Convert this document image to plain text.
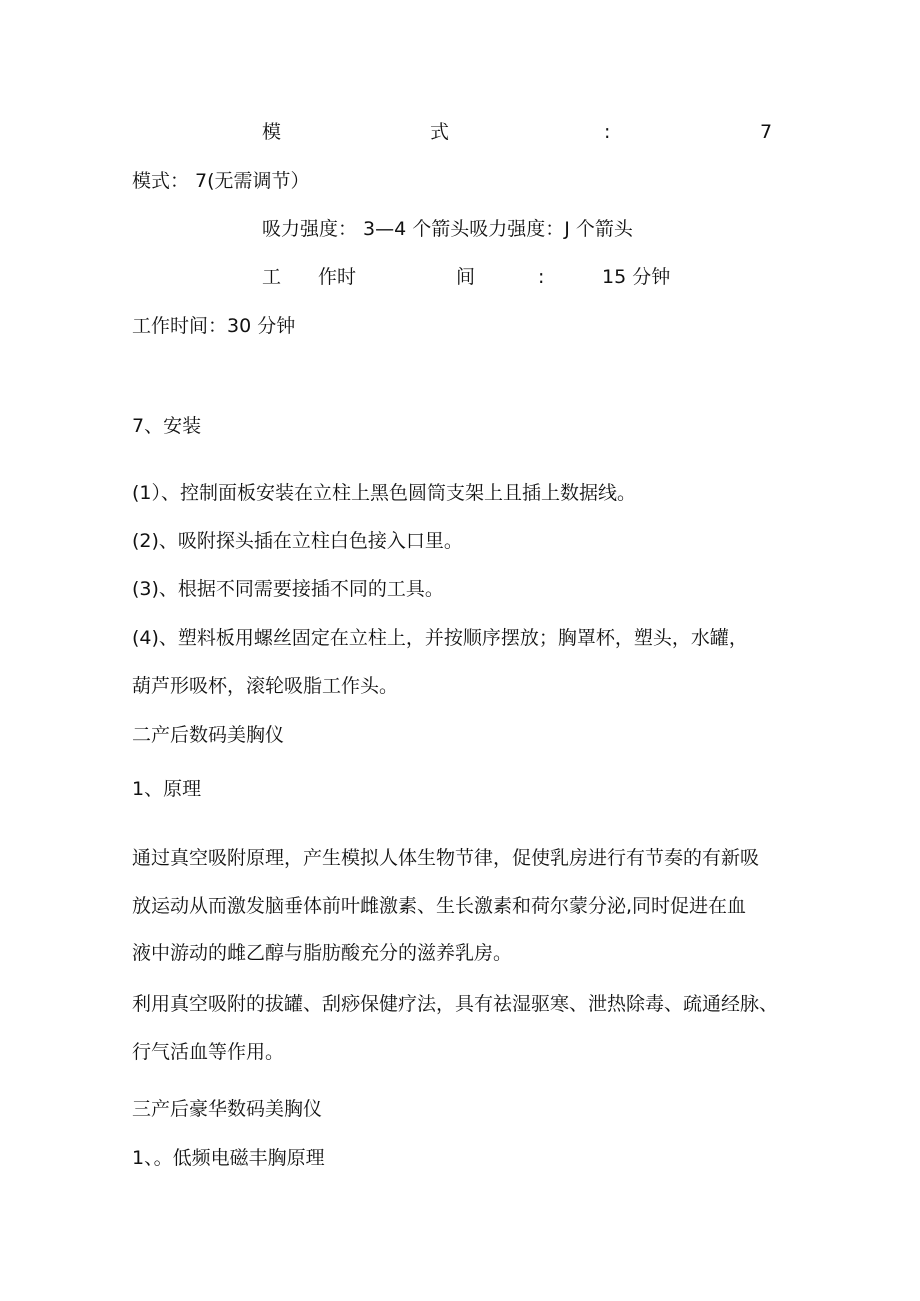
模	式	:	7
模式： 7(无需调节）
吸力强度： 3—4 个箭头吸力强度：J 个箭头
工 作时	间	:	15 分钟
工作时间：30 分钟
7、安装
(1）、控制面板安装在立柱上黑色圆筒支架上且插上数据线。
(2)、吸附探头插在立柱白色接入口里。
(3)、根据不同需要接插不同的工具。
(4)、塑料板用螺丝固定在立柱上，并按顺序摆放；胸罩杯，塑头，水罐，
葫芦形吸杯，滚轮吸脂工作头。
二产后数码美胸仪
1、原理
通过真空吸附原理，产生模拟人体生物节律，促使乳房进行有节奏的有新吸
放运动从而激发脑垂体前叶雌激素、生长激素和荷尔蒙分泌,同时促进在血
液中游动的雌乙醇与脂肪酸充分的滋养乳房。
利用真空吸附的拔罐、刮痧保健疗法，具有祛湿驱寒、泄热除毒、疏通经脉、
行气活血等作用。
三产后豪华数码美胸仪
1、。低频电磁丰胸原理
